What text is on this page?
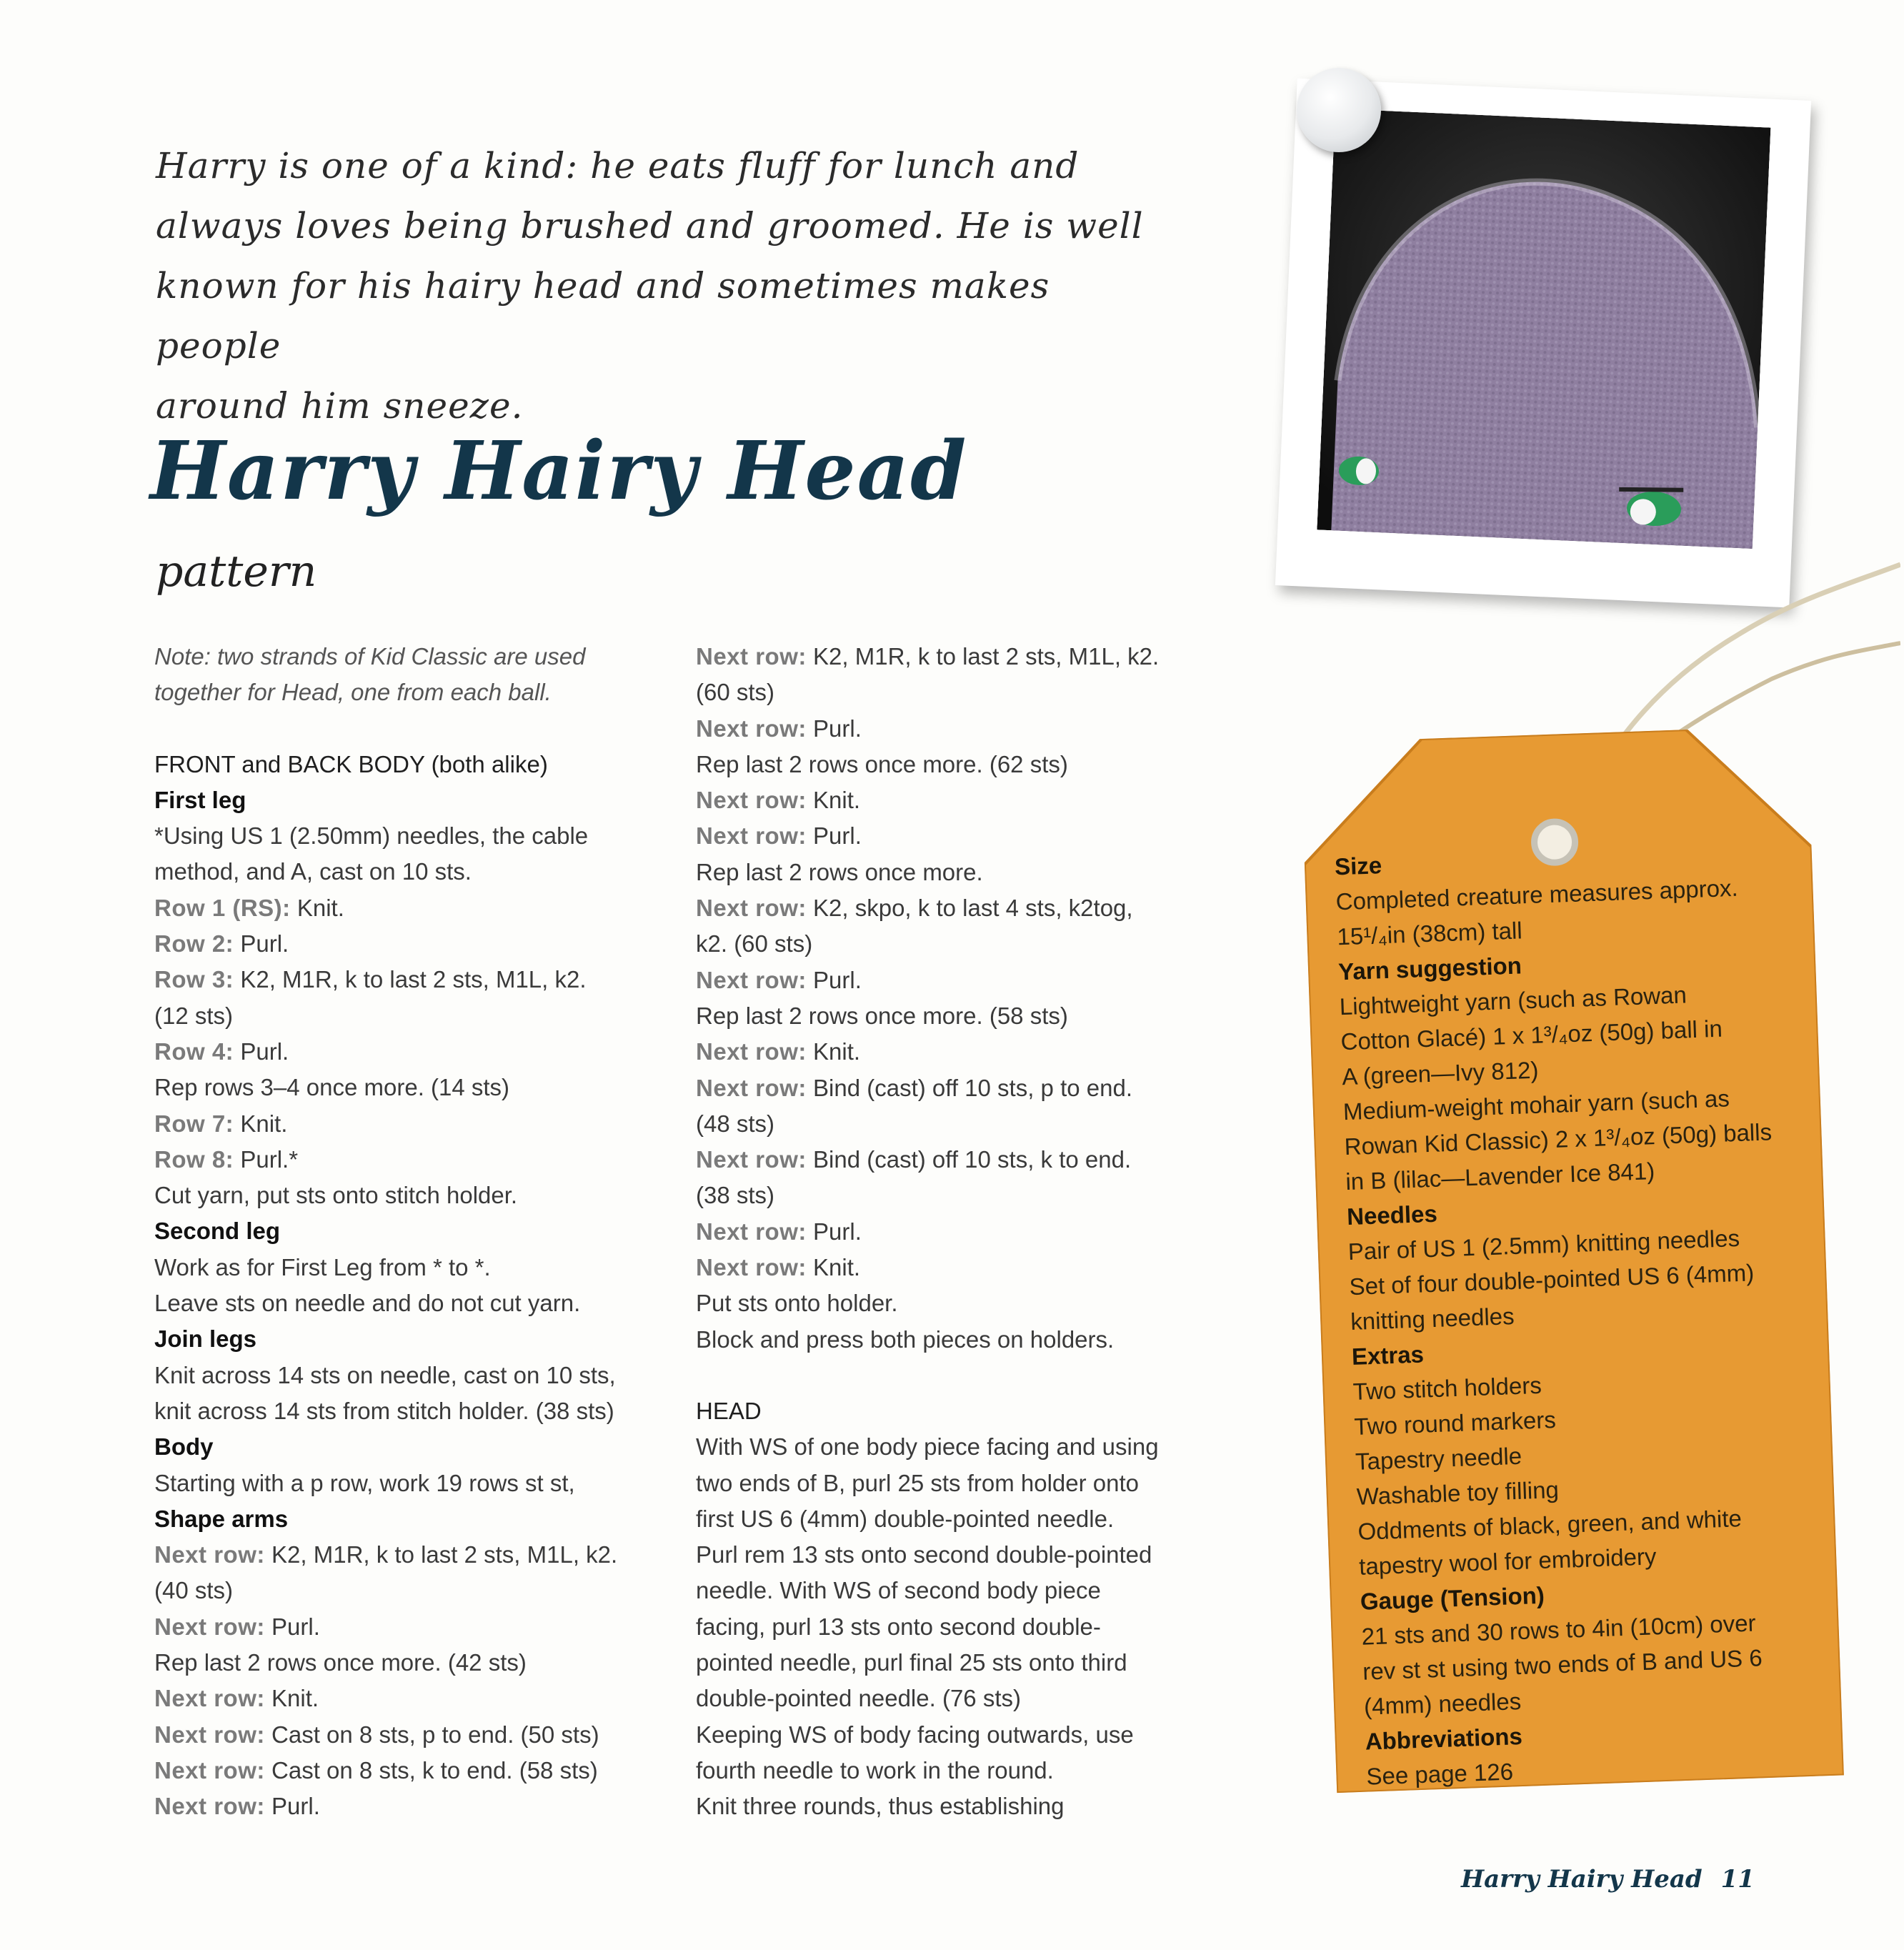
Harry is one of a kind: he eats fluff for lunch and
always loves being brushed and groomed. He is well
known for his hairy head and sometimes makes people
around him sneeze.
Harry Hairy Head
pattern
Note: two strands of Kid Classic are used
together for Head, one from each ball.
FRONT and BACK BODY (both alike)
First leg
*Using US 1 (2.50mm) needles, the cable
method, and A, cast on 10 sts.
Row 1 (RS): Knit.
Row 2: Purl.
Row 3: K2, M1R, k to last 2 sts, M1L, k2.
(12 sts)
Row 4: Purl.
Rep rows 3–4 once more. (14 sts)
Row 7: Knit.
Row 8: Purl.*
Cut yarn, put sts onto stitch holder.
Second leg
Work as for First Leg from * to *.
Leave sts on needle and do not cut yarn.
Join legs
Knit across 14 sts on needle, cast on 10 sts,
knit across 14 sts from stitch holder. (38 sts)
Body
Starting with a p row, work 19 rows st st,
Shape arms
Next row: K2, M1R, k to last 2 sts, M1L, k2.
(40 sts)
Next row: Purl.
Rep last 2 rows once more. (42 sts)
Next row: Knit.
Next row: Cast on 8 sts, p to end. (50 sts)
Next row: Cast on 8 sts, k to end. (58 sts)
Next row: Purl.
Next row: K2, M1R, k to last 2 sts, M1L, k2.
(60 sts)
Next row: Purl.
Rep last 2 rows once more. (62 sts)
Next row: Knit.
Next row: Purl.
Rep last 2 rows once more.
Next row: K2, skpo, k to last 4 sts, k2tog,
k2. (60 sts)
Next row: Purl.
Rep last 2 rows once more. (58 sts)
Next row: Knit.
Next row: Bind (cast) off 10 sts, p to end.
(48 sts)
Next row: Bind (cast) off 10 sts, k to end.
(38 sts)
Next row: Purl.
Next row: Knit.
Put sts onto holder.
Block and press both pieces on holders.
HEAD
With WS of one body piece facing and using
two ends of B, purl 25 sts from holder onto
first US 6 (4mm) double-pointed needle.
Purl rem 13 sts onto second double-pointed
needle. With WS of second body piece
facing, purl 13 sts onto second double-
pointed needle, purl final 25 sts onto third
double-pointed needle. (76 sts)
Keeping WS of body facing outwards, use
fourth needle to work in the round.
Knit three rounds, thus establishing
Size
Completed creature measures approx.
15¹/₄in (38cm) tall
Yarn suggestion
Lightweight yarn (such as Rowan
Cotton Glacé) 1 x 1³/₄oz (50g) ball in
A (green—Ivy 812)
Medium-weight mohair yarn (such as
Rowan Kid Classic) 2 x 1³/₄oz (50g) balls
in B (lilac—Lavender Ice 841)
Needles
Pair of US 1 (2.5mm) knitting needles
Set of four double-pointed US 6 (4mm)
knitting needles
Extras
Two stitch holders
Two round markers
Tapestry needle
Washable toy filling
Oddments of black, green, and white
tapestry wool for embroidery
Gauge (Tension)
21 sts and 30 rows to 4in (10cm) over
rev st st using two ends of B and US 6
(4mm) needles
Abbreviations
See page 126
Harry Hairy Head 11
